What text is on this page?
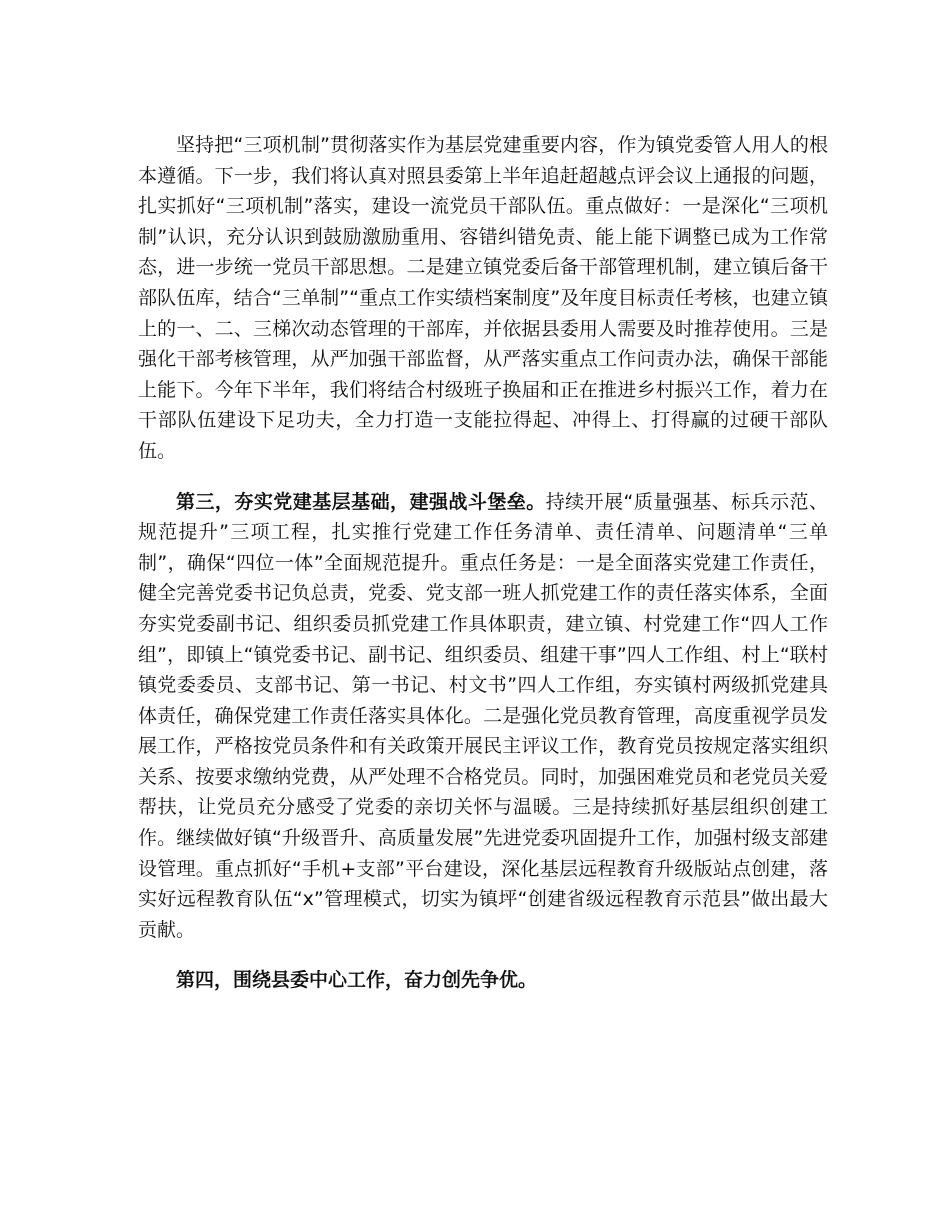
坚持把“三项机制”贯彻落实作为基层党建重要内容，作为镇党委管人用人的根本遵循。下一步，我们将认真对照县委第上半年追赶超越点评会议上通报的问题，扎实抓好“三项机制”落实，建设一流党员干部队伍。重点做好：一是深化“三项机制”认识，充分认识到鼓励激励重用、容错纠错免责、能上能下调整已成为工作常态，进一步统一党员干部思想。二是建立镇党委后备干部管理机制，建立镇后备干部队伍库，结合“三单制”“重点工作实绩档案制度”及年度目标责任考核，也建立镇上的一、二、三梯次动态管理的干部库，并依据县委用人需要及时推荐使用。三是强化干部考核管理，从严加强干部监督，从严落实重点工作问责办法，确保干部能上能下。今年下半年，我们将结合村级班子换届和正在推进乡村振兴工作，着力在干部队伍建设下足功夫，全力打造一支能拉得起、冲得上、打得赢的过硬干部队伍。

第三，夯实党建基层基础，建强战斗堡垒。持续开展“质量强基、标兵示范、规范提升”三项工程，扎实推行党建工作任务清单、责任清单、问题清单“三单制”，确保“四位一体”全面规范提升。重点任务是：一是全面落实党建工作责任，健全完善党委书记负总责，党委、党支部一班人抓党建工作的责任落实体系，全面夯实党委副书记、组织委员抓党建工作具体职责，建立镇、村党建工作“四人工作组”，即镇上“镇党委书记、副书记、组织委员、组建干事”四人工作组、村上“联村镇党委委员、支部书记、第一书记、村文书”四人工作组，夯实镇村两级抓党建具体责任，确保党建工作责任落实具体化。二是强化党员教育管理，高度重视学员发展工作，严格按党员条件和有关政策开展民主评议工作，教育党员按规定落实组织关系、按要求缴纳党费，从严处理不合格党员。同时，加强困难党员和老党员关爱帮扶，让党员充分感受了党委的亲切关怀与温暖。三是持续抓好基层组织创建工作。继续做好镇“升级晋升、高质量发展”先进党委巩固提升工作，加强村级支部建设管理。重点抓好“手机+支部”平台建设，深化基层远程教育升级版站点创建，落实好远程教育队伍“x”管理模式，切实为镇坪“创建省级远程教育示范县”做出最大贡献。

第四，围绕县委中心工作，奋力创先争优。
